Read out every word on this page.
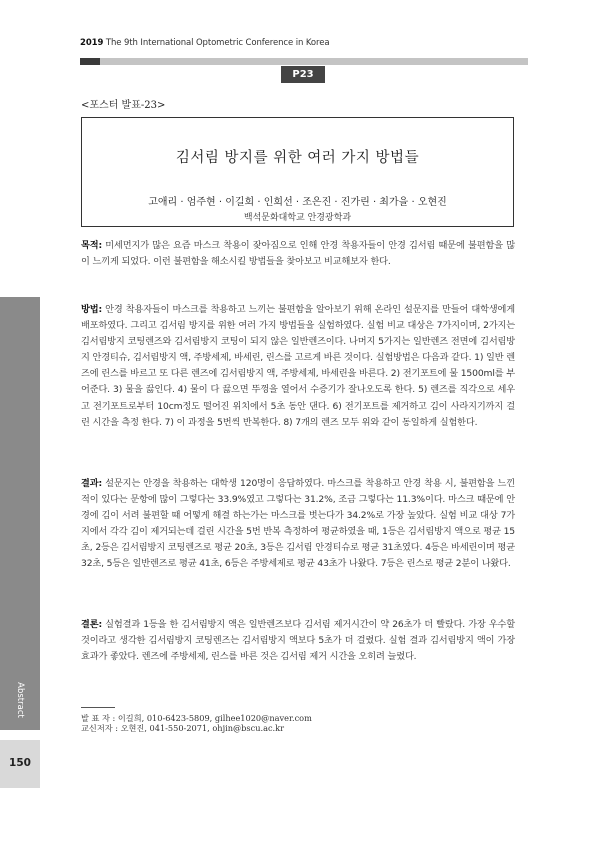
2019 The 9th International Optometric Conference in Korea
P23
<포스터 발표-23>
김서림 방지를 위한 여러 가지 방법들
고애리 · 엄주현 · 이길희 · 인희선 · 조은진 · 진가린 · 최가을 · 오현진
백석문화대학교 안경광학과

목적: 미세먼지가 많은 요즘 마스크 착용이 잦아짐으로 인해 안경 착용자들이 안경 김서림 때문에 불편함을 많이 느끼게 되었다. 이런 불편함을 해소시킬 방법들을 찾아보고 비교해보자 한다.

방법: 안경 착용자들이 마스크를 착용하고 느끼는 불편함을 알아보기 위해 온라인 설문지를 만들어 대학생에게 배포하였다. 그리고 김서림 방지를 위한 여러 가지 방법들을 실험하였다. 실험 비교 대상은 7가지이며, 2가지는 김서림방지 코팅렌즈와 김서림방지 코팅이 되지 않은 일반렌즈이다. 나머지 5가지는 일반렌즈 전면에 김서림방지 안경티슈, 김서림방지 액, 주방세제, 바세린, 린스를 고르게 바른 것이다. 실험방법은 다음과 같다. 1) 일반 렌즈에 린스를 바르고 또 다른 렌즈에 김서림방지 액, 주방세제, 바세린을 바른다. 2) 전기포트에 물 1500ml를 부어준다. 3) 물을 끓인다. 4) 물이 다 끓으면 뚜껑을 열어서 수증기가 잘나오도록 한다. 5) 렌즈를 직각으로 세우고 전기포트로부터 10cm정도 떨어진 위치에서 5초 동안 댄다. 6) 전기포트를 제거하고 김이 사라지기까지 걸린 시간을 측정 한다. 7) 이 과정을 5번씩 반복한다. 8) 7개의 렌즈 모두 위와 같이 동일하게 실험한다.

결과: 설문지는 안경을 착용하는 대학생 120명이 응답하였다. 마스크를 착용하고 안경 착용 시, 불편함을 느낀 적이 있다는 문항에 많이 그렇다는 33.9%였고 그렇다는 31.2%, 조금 그렇다는 11.3%이다. 마스크 때문에 안경에 김이 서려 불편할 때 어떻게 해결 하는가는 마스크를 벗는다가 34.2%로 가장 높았다. 실험 비교 대상 7가지에서 각각 김이 제거되는데 걸린 시간을 5번 반복 측정하여 평균하였을 때, 1등은 김서림방지 액으로 평균 15초, 2등은 김서림방지 코팅렌즈로 평균 20초, 3등은 김서림 안경티슈로 평균 31초였다. 4등은 바세린이며 평균 32초, 5등은 일반렌즈로 평균 41초, 6등은 주방세제로 평균 43초가 나왔다. 7등은 린스로 평균 2분이 나왔다.

결론: 실험결과 1등을 한 김서림방지 액은 일반렌즈보다 김서림 제거시간이 약 26초가 더 빨랐다. 가장 우수할 것이라고 생각한 김서림방지 코팅렌즈는 김서림방지 액보다 5초가 더 걸렸다. 실험 결과 김서림방지 액이 가장 효과가 좋았다. 렌즈에 주방세제, 린스를 바른 것은 김서림 제거 시간을 오히려 늘렸다.

발 표 자 : 이길희, 010-6423-5809, gilhee1020@naver.com
교신저자 : 오현진, 041-550-2071, ohjin@bscu.ac.kr
Abstract
150
